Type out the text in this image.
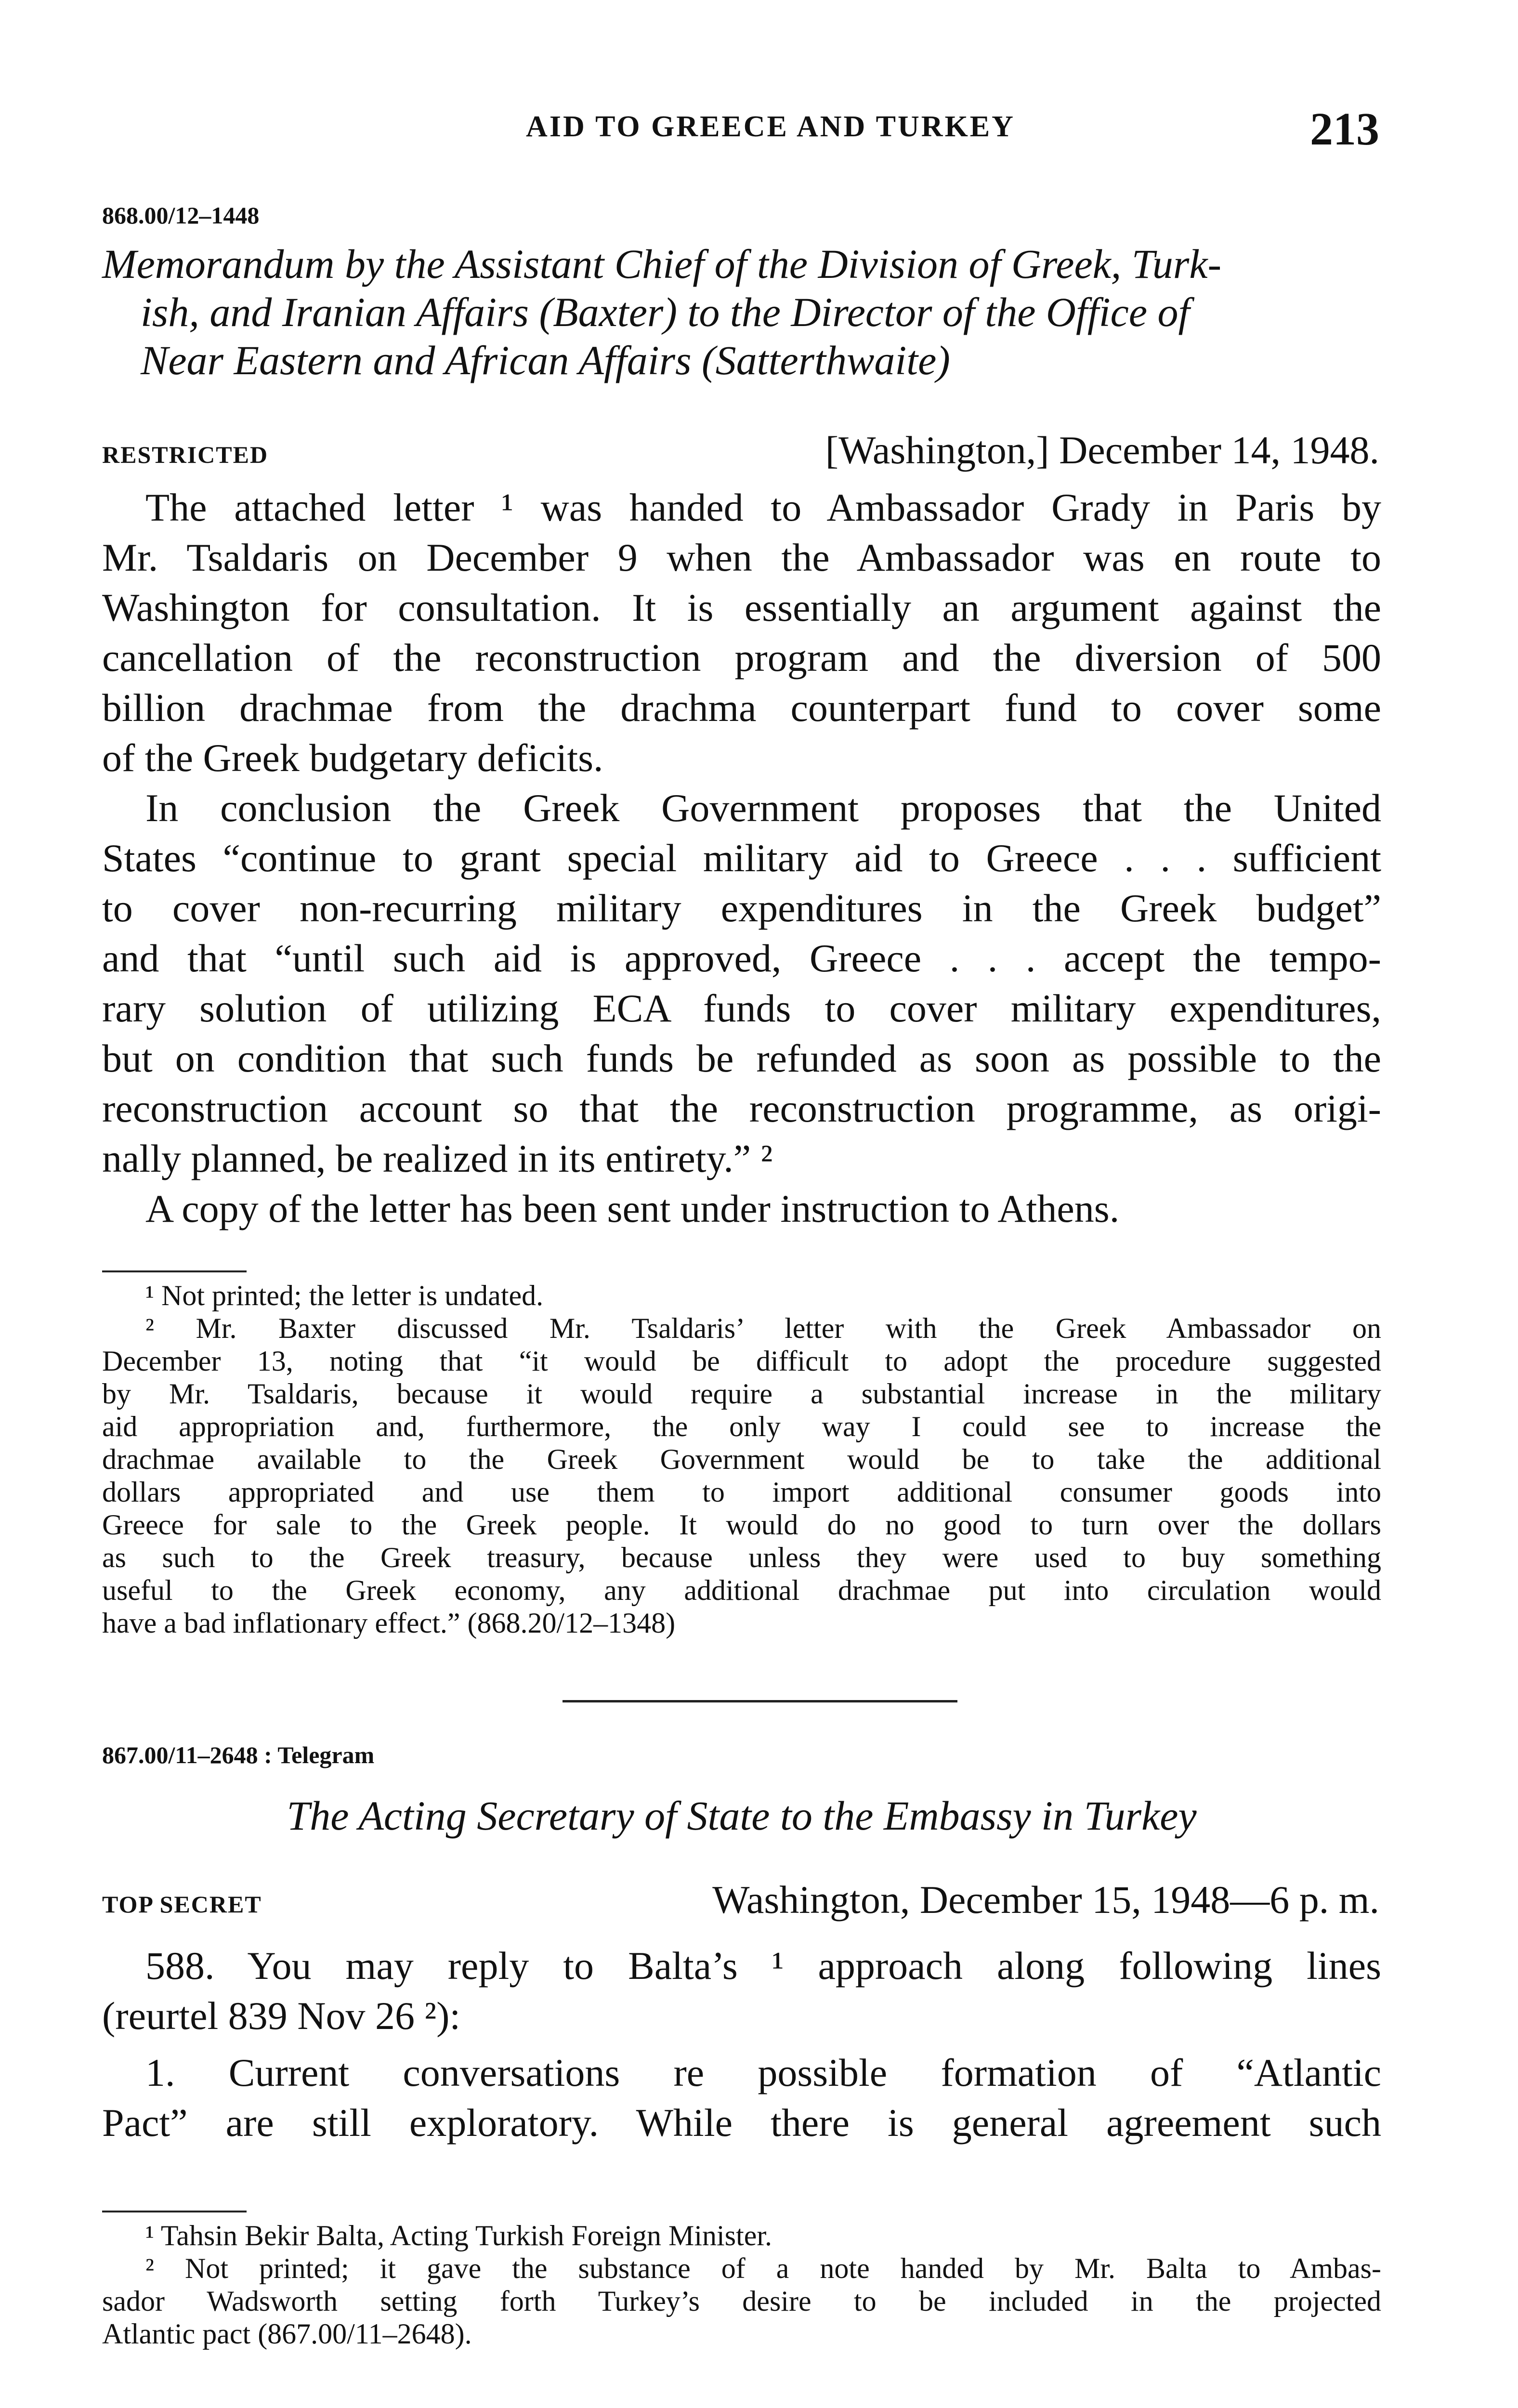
AID TO GREECE AND TURKEY	213
868.00/12–1448
Memorandum by the Assistant Chief of the Division of Greek, Turk-
ish, and Iranian Affairs (Baxter) to the Director of the Office of
Near Eastern and African Affairs (Satterthwaite)
RESTRICTED	[Washington,] December 14, 1948.

The attached letter ¹ was handed to Ambassador Grady in Paris by
Mr. Tsaldaris on December 9 when the Ambassador was en route to
Washington for consultation. It is essentially an argument against the
cancellation of the reconstruction program and the diversion of 500
billion drachmae from the drachma counterpart fund to cover some
of the Greek budgetary deficits.

In conclusion the Greek Government proposes that the United
States “continue to grant special military aid to Greece . . . sufficient
to cover non-recurring military expenditures in the Greek budget”
and that “until such aid is approved, Greece . . . accept the tempo-
rary solution of utilizing ECA funds to cover military expenditures,
but on condition that such funds be refunded as soon as possible to the
reconstruction account so that the reconstruction programme, as origi-
nally planned, be realized in its entirety.” ²

A copy of the letter has been sent under instruction to Athens.

¹ Not printed; the letter is undated.
² Mr. Baxter discussed Mr. Tsaldaris’ letter with the Greek Ambassador on
December 13, noting that “it would be difficult to adopt the procedure suggested
by Mr. Tsaldaris, because it would require a substantial increase in the military
aid appropriation and, furthermore, the only way I could see to increase the
drachmae available to the Greek Government would be to take the additional
dollars appropriated and use them to import additional consumer goods into
Greece for sale to the Greek people. It would do no good to turn over the dollars
as such to the Greek treasury, because unless they were used to buy something
useful to the Greek economy, any additional drachmae put into circulation would
have a bad inflationary effect.” (868.20/12–1348)
867.00/11–2648 : Telegram
The Acting Secretary of State to the Embassy in Turkey
TOP SECRET	Washington, December 15, 1948—6 p. m.

588. You may reply to Balta’s ¹ approach along following lines
(reurtel 839 Nov 26 ²):

1. Current conversations re possible formation of “Atlantic
Pact” are still exploratory. While there is general agreement such

¹ Tahsin Bekir Balta, Acting Turkish Foreign Minister.
² Not printed; it gave the substance of a note handed by Mr. Balta to Ambas-
sador Wadsworth setting forth Turkey’s desire to be included in the projected
Atlantic pact (867.00/11–2648).
